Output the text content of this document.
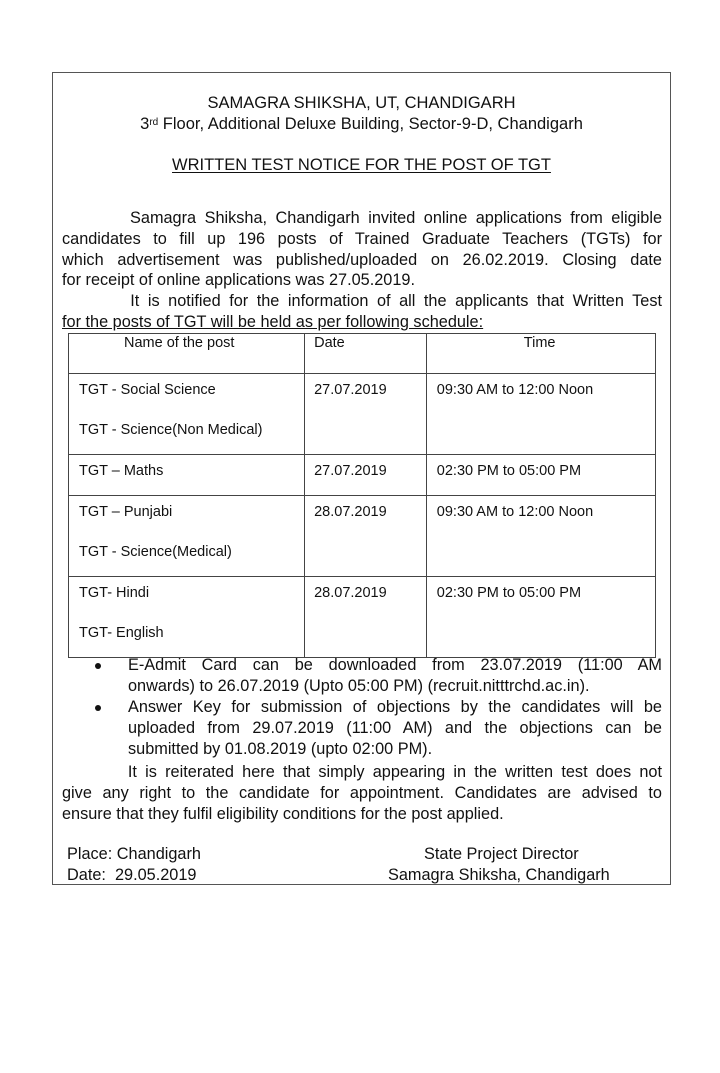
SAMAGRA SHIKSHA, UT, CHANDIGARH
3rd Floor, Additional Deluxe Building, Sector-9-D, Chandigarh
WRITTEN TEST NOTICE FOR THE POST OF TGT
Samagra Shiksha, Chandigarh invited online applications from eligible
candidates to fill up 196 posts of Trained Graduate Teachers (TGTs) for
which advertisement was published/uploaded on 26.02.2019. Closing date
for receipt of online applications was 27.05.2019.
It is notified for the information of all the applicants that Written Test
for the posts of TGT will be held as per following schedule:
Name of the post	Date	Time

TGT - Social Science
TGT - Science(Non Medical)	27.07.2019	09:30 AM to 12:00 Noon

TGT – Maths	27.07.2019	02:30 PM to 05:00 PM

TGT – Punjabi
TGT - Science(Medical)	28.07.2019	09:30 AM to 12:00 Noon

TGT- Hindi
TGT- English	28.07.2019	02:30 PM to 05:00 PM
E-Admit Card can be downloaded from 23.07.2019 (11:00 AM
onwards) to 26.07.2019 (Upto 05:00 PM) (recruit.nitttrchd.ac.in).
Answer Key for submission of objections by the candidates will be
uploaded from 29.07.2019 (11:00 AM) and the objections can be
submitted by 01.08.2019 (upto 02:00 PM).
It is reiterated here that simply appearing in the written test does not
give any right to the candidate for appointment. Candidates are advised to
ensure that they fulfil eligibility conditions for the post applied.
Place: Chandigarh
Date:  29.05.2019
State Project Director
Samagra Shiksha, Chandigarh
